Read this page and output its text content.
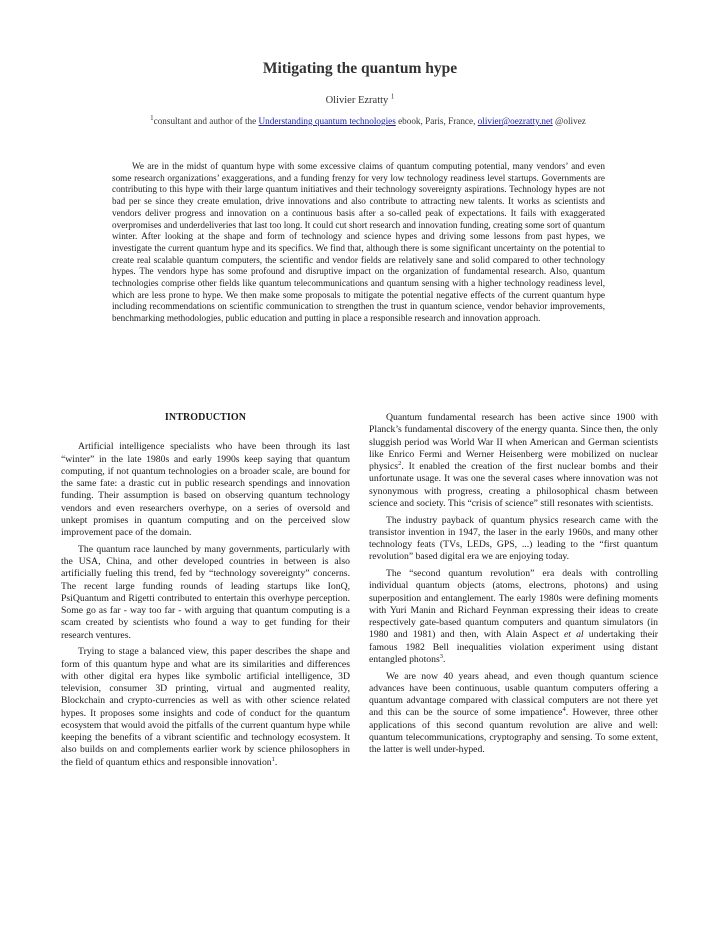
Mitigating the quantum hype
Olivier Ezratty $^1$
$^1$consultant and author of the Understanding quantum technologies ebook, Paris, France, olivier@oezratty.net @olivez

We are in the midst of quantum hype with some excessive claims of quantum computing potential, many vendors’ and even some research organizations’ exaggerations, and a funding frenzy for very low technology readiness level startups. Governments are contributing to this hype with their large quantum initiatives and their technology sovereignty aspirations. Technology hypes are not bad per se since they create emulation, drive innovations and also contribute to attracting new talents. It works as scientists and vendors deliver progress and innovation on a continuous basis after a so-called peak of expectations. It fails with exaggerated overpromises and underdeliveries that last too long. It could cut short research and innovation funding, creating some sort of quantum winter. After looking at the shape and form of technology and science hypes and driving some lessons from past hypes, we investigate the current quantum hype and its specifics. We find that, although there is some significant uncertainty on the potential to create real scalable quantum computers, the scientific and vendor fields are relatively sane and solid compared to other technology hypes. The vendors hype has some profound and disruptive impact on the organization of fundamental research. Also, quantum technologies comprise other fields like quantum telecommunications and quantum sensing with a higher technology readiness level, which are less prone to hype. We then make some proposals to mitigate the potential negative effects of the current quantum hype including recommendations on scientific communication to strengthen the trust in quantum science, vendor behavior improvements, benchmarking methodologies, public education and putting in place a responsible research and innovation approach.

INTRODUCTION

Artificial intelligence specialists who have been through its last “winter” in the late 1980s and early 1990s keep saying that quantum computing, if not quantum technologies on a broader scale, are bound for the same fate: a drastic cut in public research spendings and innovation funding. Their assumption is based on observing quantum technology vendors and even researchers overhype, on a series of oversold and unkept promises in quantum computing and on the perceived slow improvement pace of the domain.

The quantum race launched by many governments, particularly with the USA, China, and other developed countries in between is also artificially fueling this trend, fed by “technology sovereignty” concerns. The recent large funding rounds of leading startups like IonQ, PsiQuantum and Rigetti contributed to entertain this overhype perception. Some go as far - way too far - with arguing that quantum computing is a scam created by scientists who found a way to get funding for their research ventures.

Trying to stage a balanced view, this paper describes the shape and form of this quantum hype and what are its similarities and differences with other digital era hypes like symbolic artificial intelligence, 3D television, consumer 3D printing, virtual and augmented reality, Blockchain and crypto-currencies as well as with other science related hypes. It proposes some insights and code of conduct for the quantum ecosystem that would avoid the pitfalls of the current quantum hype while keeping the benefits of a vibrant scientific and technology ecosystem. It also builds on and complements earlier work by science philosophers in the field of quantum ethics and responsible innovation$^1$.

Quantum fundamental research has been active since 1900 with Planck’s fundamental discovery of the energy quanta. Since then, the only sluggish period was World War II when American and German scientists like Enrico Fermi and Werner Heisenberg were mobilized on nuclear physics$^2$. It enabled the creation of the first nuclear bombs and their unfortunate usage. It was one the several cases where innovation was not synonymous with progress, creating a philosophical chasm between science and society. This “crisis of science” still resonates with scientists.

The industry payback of quantum physics research came with the transistor invention in 1947, the laser in the early 1960s, and many other technology feats (TVs, LEDs, GPS, ...) leading to the “first quantum revolution” based digital era we are enjoying today.

The “second quantum revolution” era deals with controlling individual quantum objects (atoms, electrons, photons) and using superposition and entanglement. The early 1980s were defining moments with Yuri Manin and Richard Feynman expressing their ideas to create respectively gate-based quantum computers and quantum simulators (in 1980 and 1981) and then, with Alain Aspect et al undertaking their famous 1982 Bell inequalities violation experiment using distant entangled photons$^3$.

We are now 40 years ahead, and even though quantum science advances have been continuous, usable quantum computers offering a quantum advantage compared with classical computers are not there yet and this can be the source of some impatience$^4$. However, three other applications of this second quantum revolution are alive and well: quantum telecommunications, cryptography and sensing. To some extent, the latter is well under-hyped.
